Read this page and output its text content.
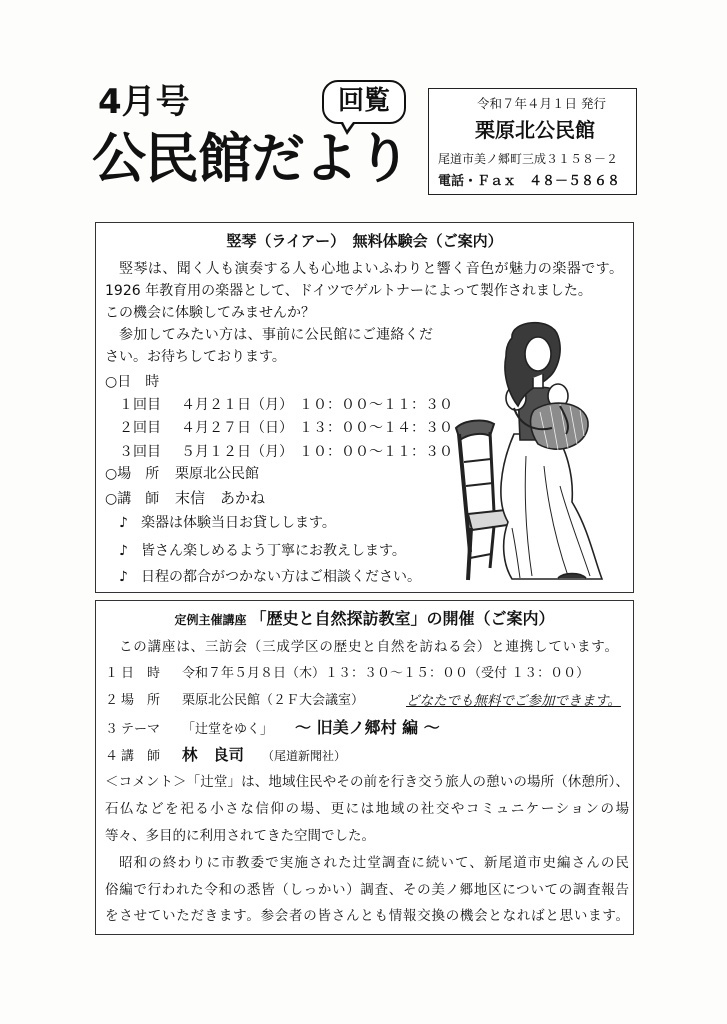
4月号
公民館だより
回覧	令和７年４月１日 発行
栗原北公民館
尾道市美ノ郷町三成３１５８－２
電話・Ｆａｘ　４８－５８６８
竪琴（ライアー）　無料体験会（ご案内）
竪琴は、聞く人も演奏する人も心地よいふわりと響く音色が魅力の楽器です。
1926 年教育用の楽器として、ドイツでゲルトナーによって製作されました。
この機会に体験してみませんか？
参加してみたい方は、事前に公民館にご連絡くだ
さい。お待ちしております。
○日　時
１回目 ４月２１日（月） １０：００～１１：３０
２回目 ４月２７日（日） １３：００～１４：３０
３回目 ５月１２日（月） １０：００～１１：３０
○場　所 栗原北公民館
○講　師 末信　あかね
♪ 楽器は体験当日お貸しします。
♪ 皆さん楽しめるよう丁寧にお教えします。
♪ 日程の都合がつかない方はご相談ください。
定例主催講座 「歴史と自然探訪教室」の開催（ご案内）
この講座は、三訪会（三成学区の歴史と自然を訪ねる会）と連携しています。
１ 日　時 令和７年５月８日（木）１３：３０～１５：００（受付 １３：００）
２ 場　所 栗原北公民館（２Ｆ大会議室）	どなたでも無料でご参加できます。
３ テーマ 「辻堂をゆく」 ～ 旧美ノ郷村 編 ～
４ 講　師 林　良司 （尾道新聞社）
＜コメント＞「辻堂」は、地域住民やその前を行き交う旅人の憩いの場所（休憩所）、
石仏などを祀る小さな信仰の場、更には地域の社交やコミュニケーションの場
等々、多目的に利用されてきた空間でした。
昭和の終わりに市教委で実施された辻堂調査に続いて、新尾道市史編さんの民
俗編で行われた令和の悉皆（しっかい）調査、その美ノ郷地区についての調査報告
をさせていただきます。参会者の皆さんとも情報交換の機会となればと思います。
